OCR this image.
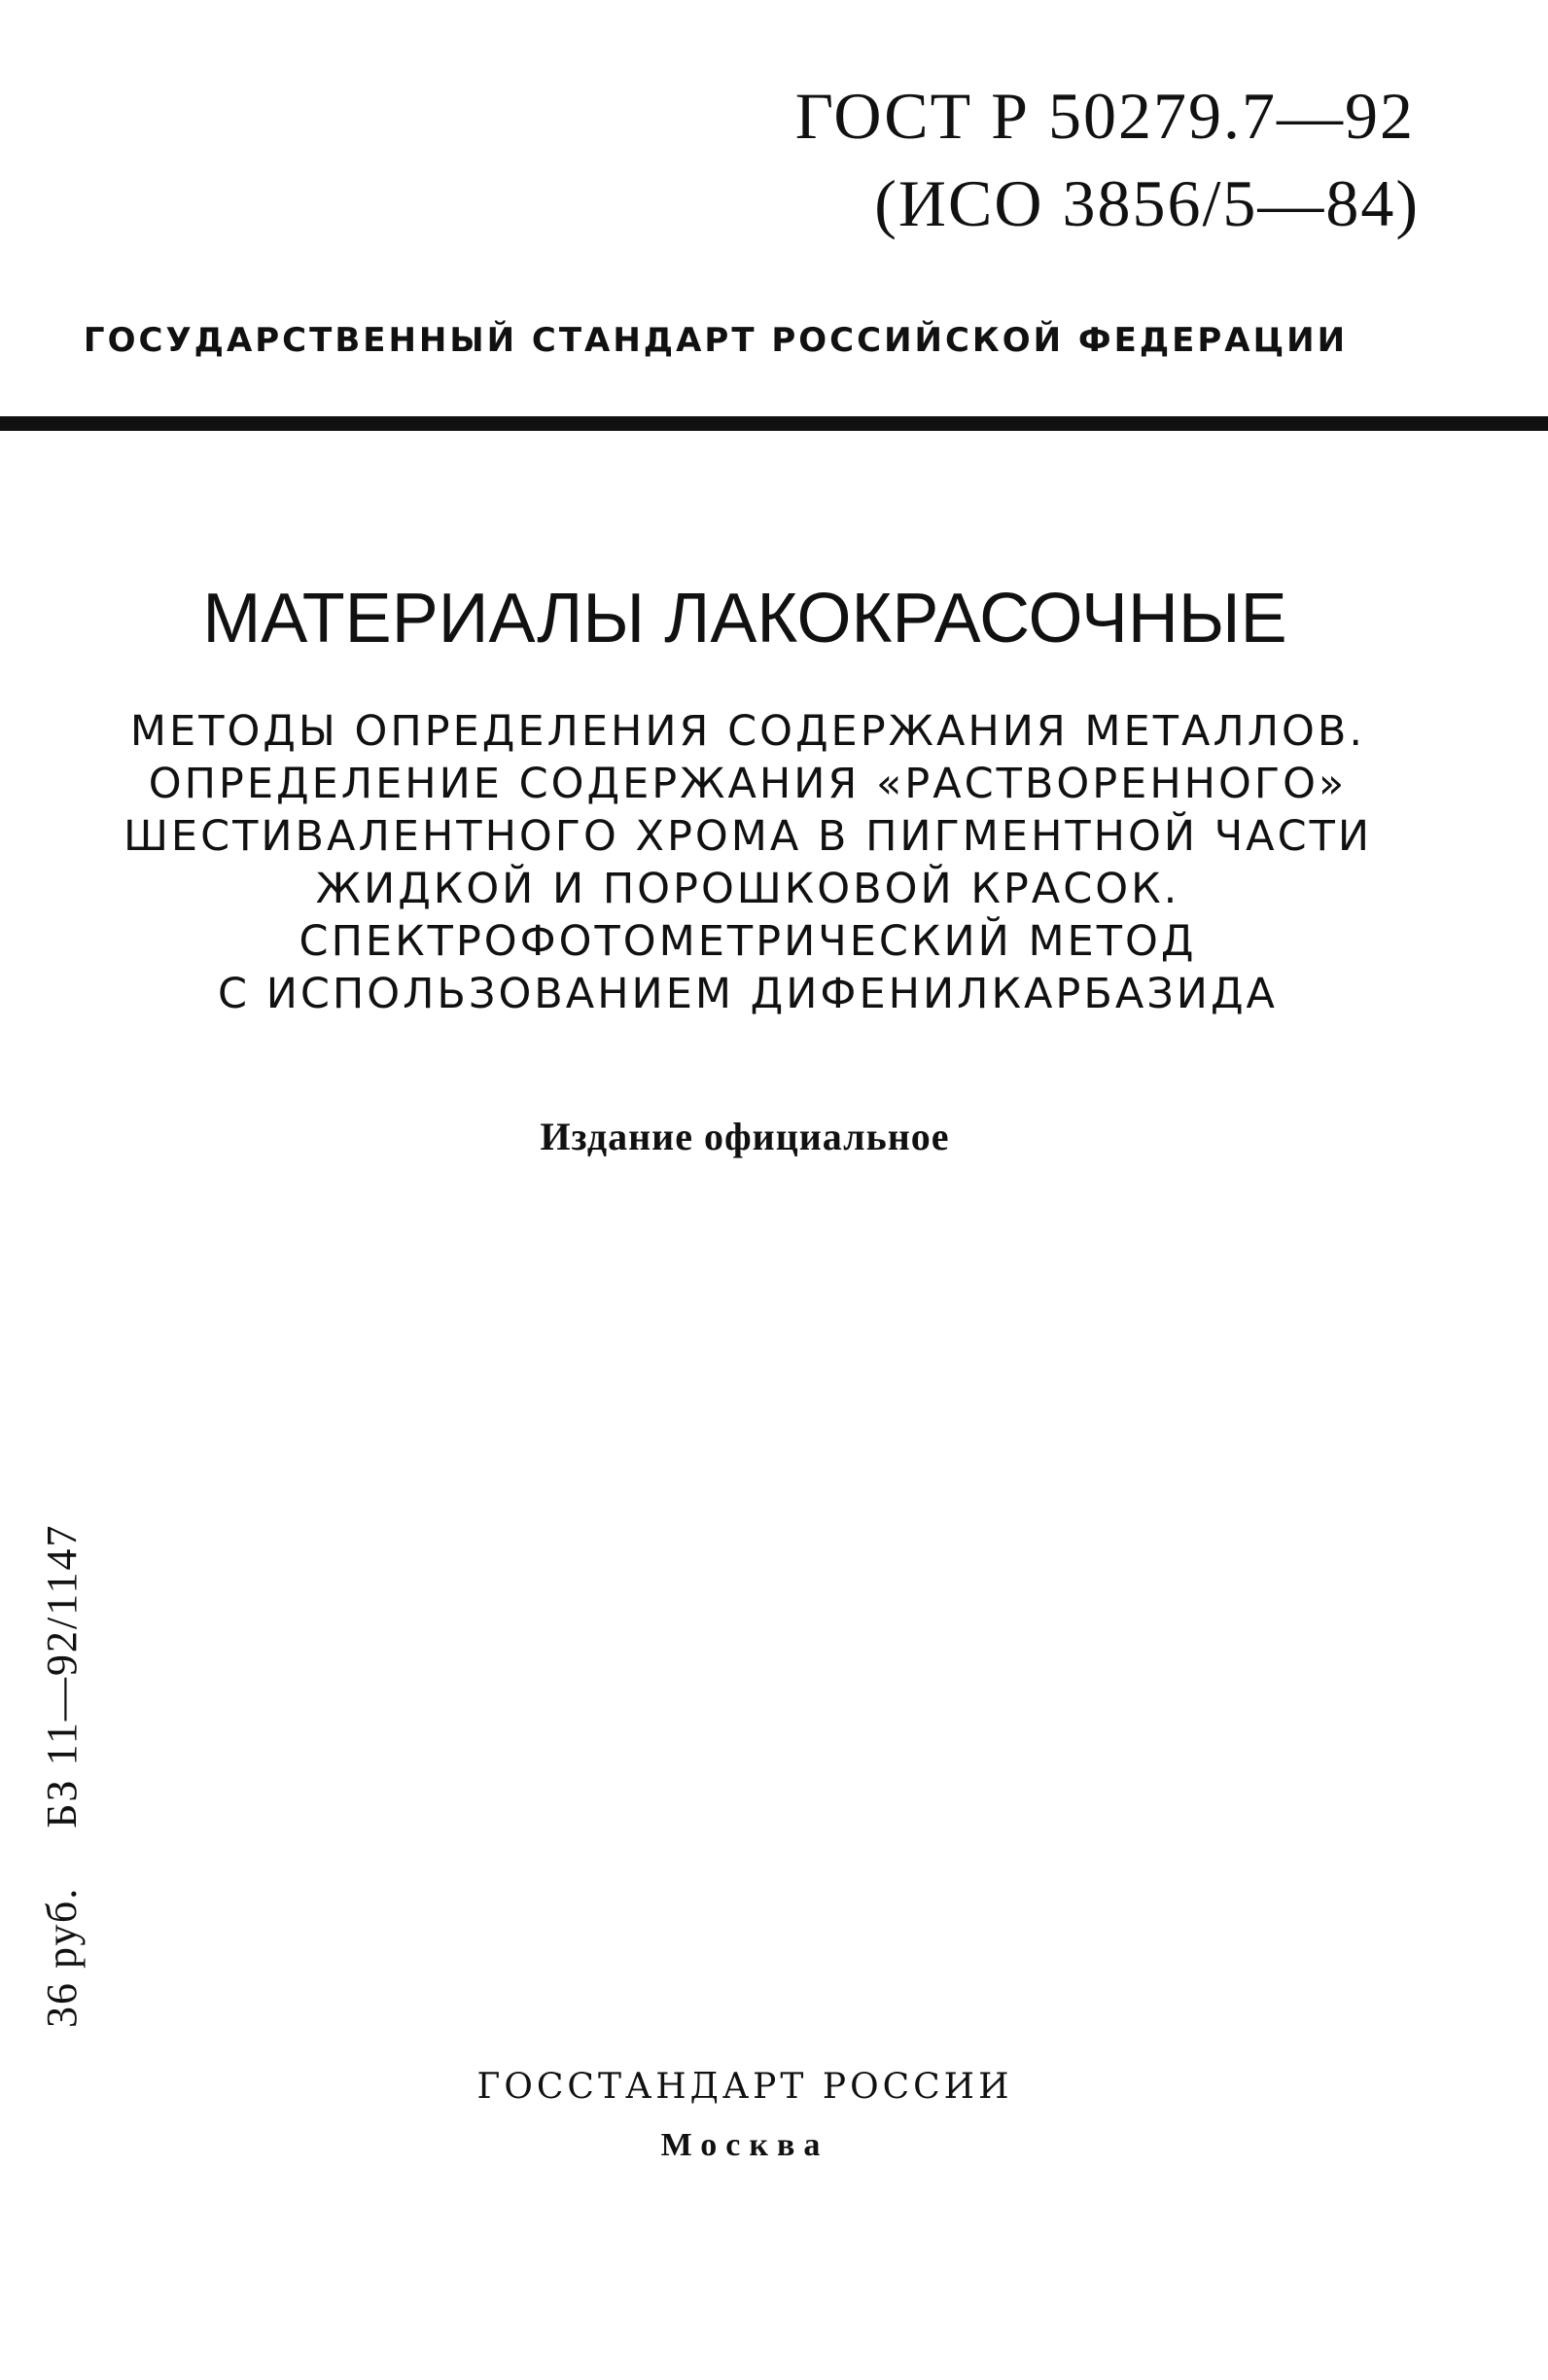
ГОСТ Р 50279.7—92
(ИСО 3856/5—84)
ГОСУДАРСТВЕННЫЙ СТАНДАРТ РОССИЙСКОЙ ФЕДЕРАЦИИ
МАТЕРИАЛЫ ЛАКОКРАСОЧНЫЕ
МЕТОДЫ ОПРЕДЕЛЕНИЯ СОДЕРЖАНИЯ МЕТАЛЛОВ.
ОПРЕДЕЛЕНИЕ СОДЕРЖАНИЯ «РАСТВОРЕННОГО»
ШЕСТИВАЛЕНТНОГО ХРОМА В ПИГМЕНТНОЙ ЧАСТИ
ЖИДКОЙ И ПОРОШКОВОЙ КРАСОК.
СПЕКТРОФОТОМЕТРИЧЕСКИЙ МЕТОД
С ИСПОЛЬЗОВАНИЕМ ДИФЕНИЛКАРБАЗИДА
Издание официальное
36 руб.БЗ 11—92/1147
ГОССТАНДАРТ РОССИИ
Москва
